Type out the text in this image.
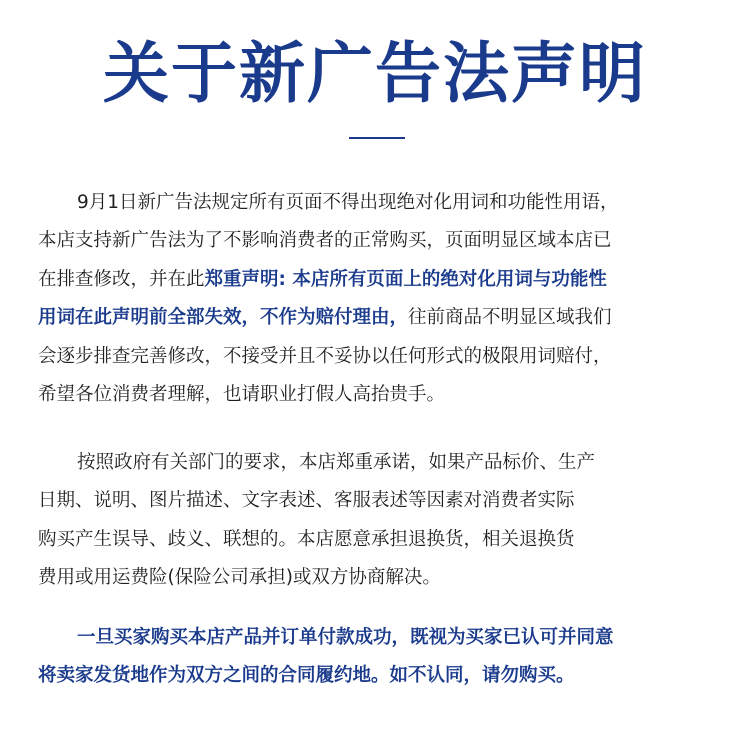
关于新广告法声明

9月1日新广告法规定所有页面不得出现绝对化用词和功能性用语，

本店支持新广告法为了不影响消费者的正常购买，页面明显区域本店已

在排查修改，并在此郑重声明: 本店所有页面上的绝对化用词与功能性

用词在此声明前全部失效，不作为赔付理由，往前商品不明显区域我们

会逐步排查完善修改，不接受并且不妥协以任何形式的极限用词赔付，

希望各位消费者理解，也请职业打假人高抬贵手。

按照政府有关部门的要求，本店郑重承诺，如果产品标价、生产

日期、说明、图片描述、文字表述、客服表述等因素对消费者实际

购买产生误导、歧义、联想的。本店愿意承担退换货，相关退换货

费用或用运费险(保险公司承担)或双方协商解决。

一旦买家购买本店产品并订单付款成功，既视为买家已认可并同意

将卖家发货地作为双方之间的合同履约地。如不认同，请勿购买。
